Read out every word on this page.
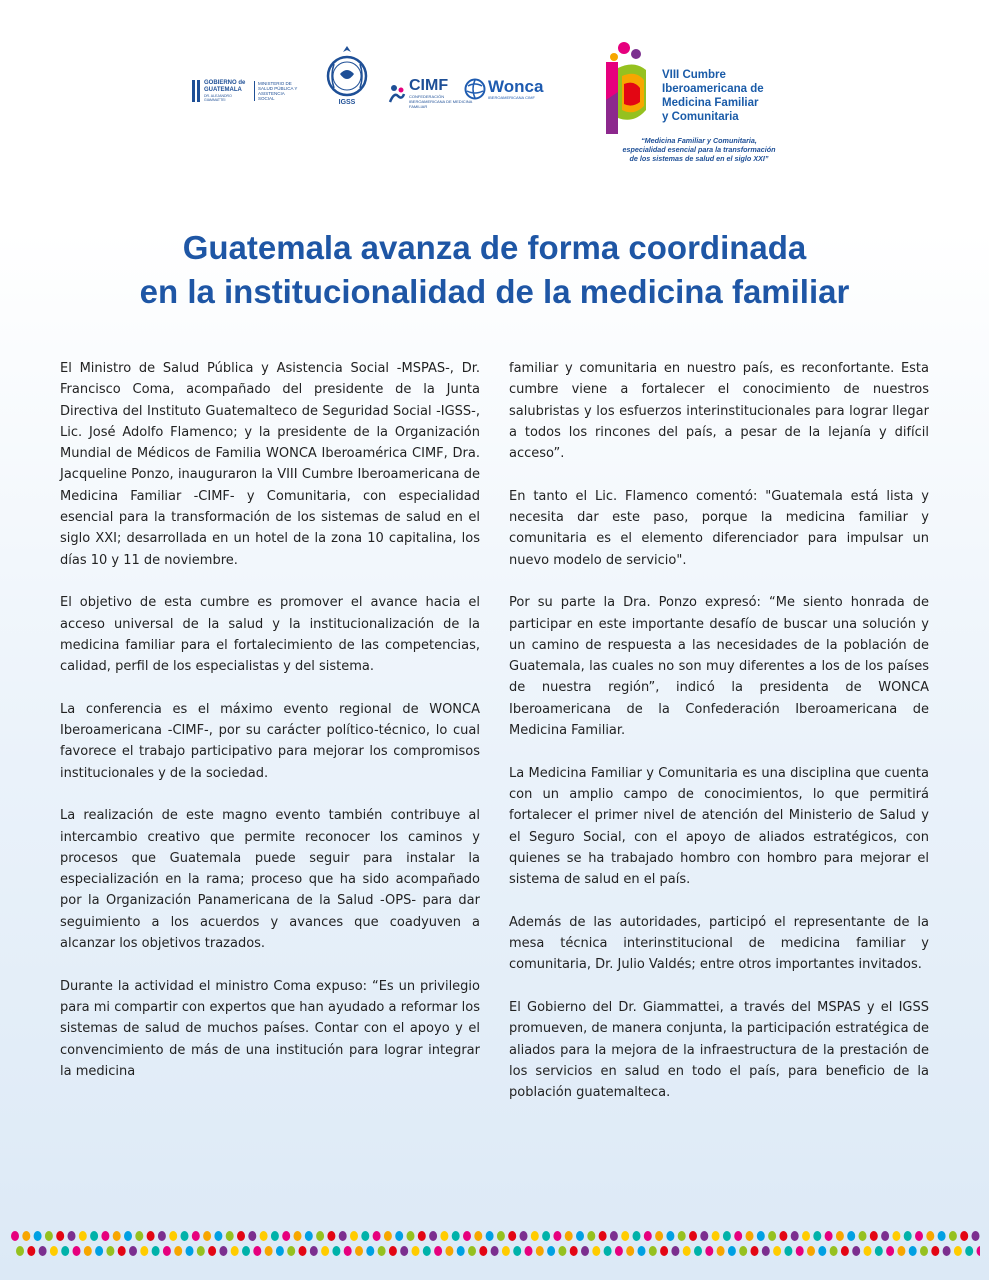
GOBIERNO de
GUATEMALA
DR. ALEJANDRO GIAMMATTEI
MINISTERIO DE SALUD PÚBLICA Y ASISTENCIA SOCIAL
IGSS
CIMF
CONFEDERACIÓN IBEROAMERICANA DE MEDICINA FAMILIAR
Wonca
IBEROAMERICANA CIMF
VIII Cumbre
Iberoamericana de
Medicina Familiar
y Comunitaria
“Medicina Familiar y Comunitaria,
especialidad esencial para la transformación
de los sistemas de salud en el siglo XXI”
Guatemala avanza de forma coordinada
en la institucionalidad de la medicina familiar

El Ministro de Salud Pública y Asistencia Social -MSPAS-, Dr. Francisco Coma, acompañado del presidente de la Junta Directiva del Instituto Guatemalteco de Seguridad Social -IGSS-, Lic. José Adolfo Flamenco; y la presidente de la Organización Mundial de Médicos de Familia WONCA Iberoamérica CIMF, Dra. Jacqueline Ponzo, inauguraron la VIII Cumbre Iberoamericana de Medicina Familiar -CIMF- y Comunitaria, con especialidad esencial para la transformación de los sistemas de salud en el siglo XXI; desarrollada en un hotel de la zona 10 capitalina, los días 10 y 11 de noviembre.

El objetivo de esta cumbre es promover el avance hacia el acceso universal de la salud y la institucionalización de la medicina familiar para el fortalecimiento de las competencias, calidad, perfil de los especialistas y del sistema.

La conferencia es el máximo evento regional de WONCA Iberoamericana -CIMF-, por su carácter político-técnico, lo cual favorece el trabajo participativo para mejorar los compromisos institucionales y de la sociedad.

La realización de este magno evento también contribuye al intercambio creativo que permite reconocer los caminos y procesos que Guatemala puede seguir para instalar la especialización en la rama; proceso que ha sido acompañado por la Organización Panamericana de la Salud -OPS- para dar seguimiento a los acuerdos y avances que coadyuven a alcanzar los objetivos trazados.

Durante la actividad el ministro Coma expuso: “Es un privilegio para mi compartir con expertos que han ayudado a reformar los sistemas de salud de muchos países. Contar con el apoyo y el convencimiento de más de una institución para lograr integrar la medicina

familiar y comunitaria en nuestro país, es reconfortante. Esta cumbre viene a fortalecer el conocimiento de nuestros salubristas y los esfuerzos interinstitucionales para lograr llegar a todos los rincones del país, a pesar de la lejanía y difícil acceso”.

En tanto el Lic. Flamenco comentó: "Guatemala está lista y necesita dar este paso, porque la medicina familiar y comunitaria es el elemento diferenciador para impulsar un nuevo modelo de servicio".

Por su parte la Dra. Ponzo expresó: “Me siento honrada de participar en este importante desafío de buscar una solución y un camino de respuesta a las necesidades de la población de Guatemala, las cuales no son muy diferentes a los de los países de nuestra región”, indicó la presidenta de WONCA Iberoamericana de la Confederación Iberoamericana de Medicina Familiar.

La Medicina Familiar y Comunitaria es una disciplina que cuenta con un amplio campo de conocimientos, lo que permitirá fortalecer el primer nivel de atención del Ministerio de Salud y el Seguro Social, con el apoyo de aliados estratégicos, con quienes se ha trabajado hombro con hombro para mejorar el sistema de salud en el país.

Además de las autoridades, participó el representante de la mesa técnica interinstitucional de medicina familiar y comunitaria, Dr. Julio Valdés; entre otros importantes invitados.

El Gobierno del Dr. Giammattei, a través del MSPAS y el IGSS promueven, de manera conjunta, la participación estratégica de aliados para la mejora de la infraestructura de la prestación de los servicios en salud en todo el país, para beneficio de la población guatemalteca.
